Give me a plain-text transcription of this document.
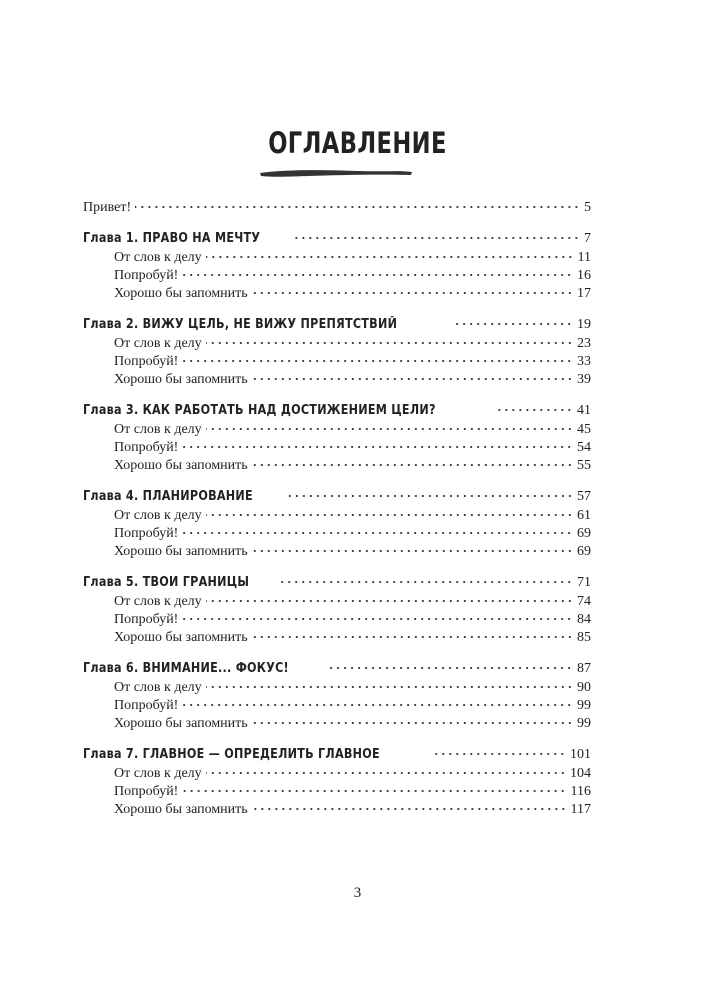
ОГЛАВЛЕНИЕ
Привет!	5
Глава 1. ПРАВО НА МЕЧТУ	7
От слов к делу	11
Попробуй!	16
Хорошо бы запомнить	17
Глава 2. ВИЖУ ЦЕЛЬ, НЕ ВИЖУ ПРЕПЯТСТВИЙ	19
От слов к делу	23
Попробуй!	33
Хорошо бы запомнить	39
Глава 3. КАК РАБОТАТЬ НАД ДОСТИЖЕНИЕМ ЦЕЛИ?	41
От слов к делу	45
Попробуй!	54
Хорошо бы запомнить	55
Глава 4. ПЛАНИРОВАНИЕ	57
От слов к делу	61
Попробуй!	69
Хорошо бы запомнить	69
Глава 5. ТВОИ ГРАНИЦЫ	71
От слов к делу	74
Попробуй!	84
Хорошо бы запомнить	85
Глава 6. ВНИМАНИЕ... ФОКУС!	87
От слов к делу	90
Попробуй!	99
Хорошо бы запомнить	99
Глава 7. ГЛАВНОЕ — ОПРЕДЕЛИТЬ ГЛАВНОЕ	101
От слов к делу	104
Попробуй!	116
Хорошо бы запомнить	117
3
